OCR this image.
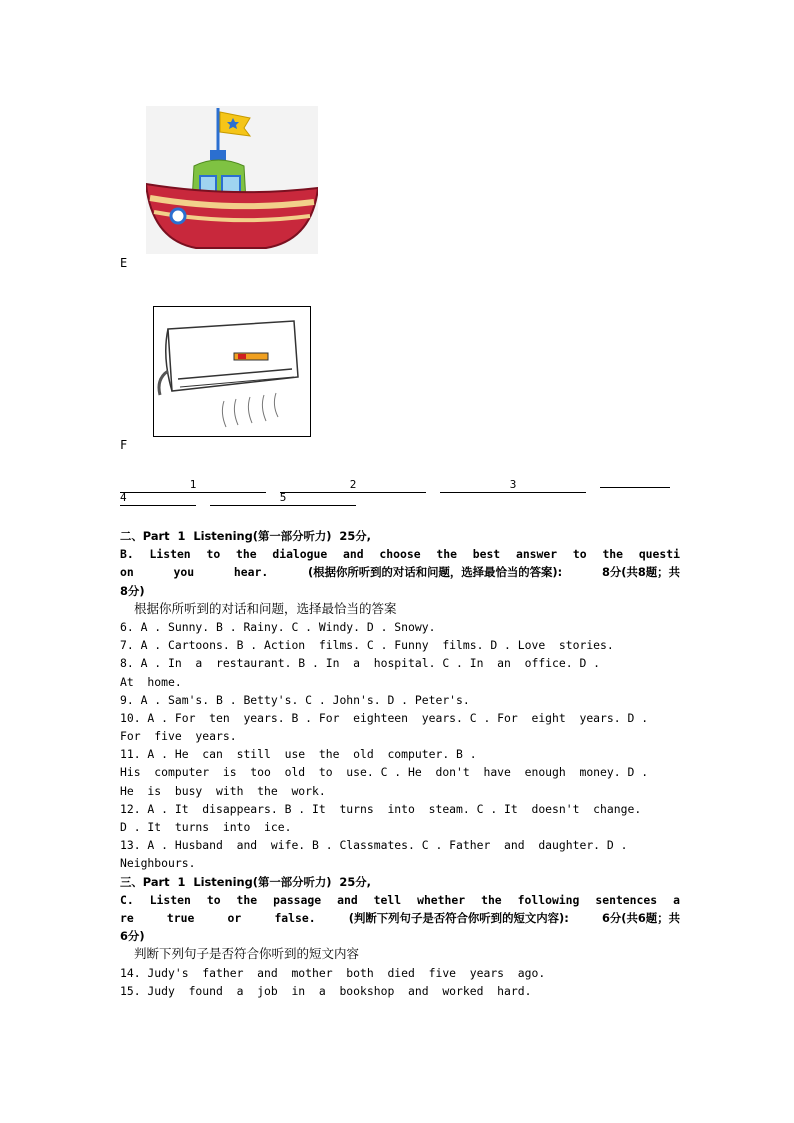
E
F
1	2	3
4	5
二、Part  1  Listening(第一部分听力)  25分,
B. Listen to the dialogue and choose the best answer to the questi
on	you	hear.	(根据你所听到的对话和问题，选择最恰当的答案):	8分(共8题；共
8分)
根据你所听到的对话和问题，选择最恰当的答案
6. A . Sunny. B . Rainy. C . Windy. D . Snowy.
7. A . Cartoons. B . Action  films. C . Funny  films. D . Love  stories.
8. A . In  a  restaurant. B . In  a  hospital. C . In  an  office. D .
At  home.
9. A . Sam's. B . Betty's. C . John's. D . Peter's.
10. A . For  ten  years. B . For  eighteen  years. C . For  eight  years. D .
For  five  years.
11. A . He  can  still  use  the  old  computer. B .
His  computer  is  too  old  to  use. C . He  don't  have  enough  money. D .
He  is  busy  with  the  work.
12. A . It  disappears. B . It  turns  into  steam. C . It  doesn't  change.
D . It  turns  into  ice.
13. A . Husband  and  wife. B . Classmates. C . Father  and  daughter. D .
Neighbours.
三、Part  1  Listening(第一部分听力)  25分,
C. Listen to the passage and tell whether the following sentences a
re	true	or	false.	(判断下列句子是否符合你听到的短文内容):	6分(共6题；共
6分)
判断下列句子是否符合你听到的短文内容
14. Judy's  father  and  mother  both  died  five  years  ago.
15. Judy  found  a  job  in  a  bookshop  and  worked  hard.
